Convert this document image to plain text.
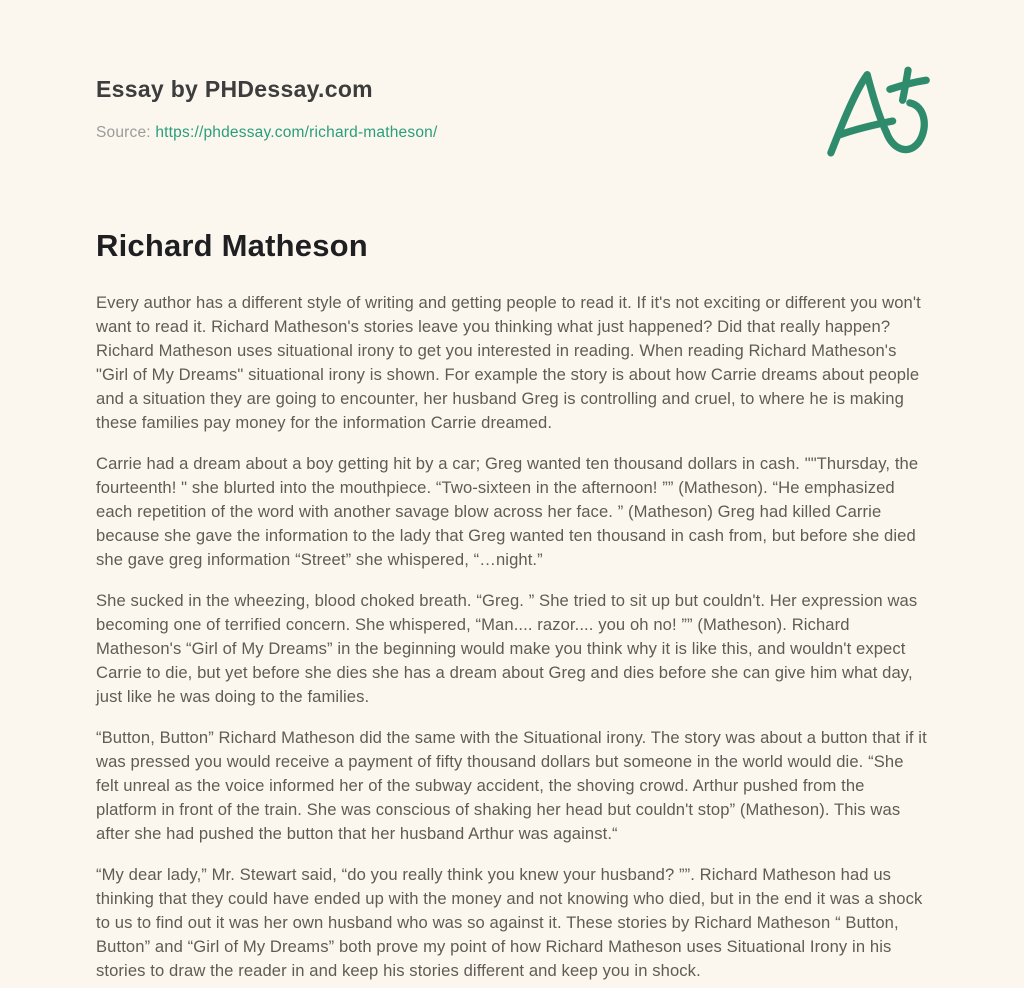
Essay by PHDessay.com
Source: https://phdessay.com/richard-matheson/
Richard Matheson

Every author has a different style of writing and getting people to read it. If it's not exciting or different you won't want to read it. Richard Matheson's stories leave you thinking what just happened? Did that really happen? Richard Matheson uses situational irony to get you interested in reading. When reading Richard Matheson's "Girl of My Dreams" situational irony is shown. For example the story is about how Carrie dreams about people and a situation they are going to encounter, her husband Greg is controlling and cruel, to where he is making these families pay money for the information Carrie dreamed.

Carrie had a dream about a boy getting hit by a car; Greg wanted ten thousand dollars in cash. ""Thursday, the fourteenth! " she blurted into the mouthpiece. “Two-sixteen in the afternoon! ”” (Matheson). “He emphasized each repetition of the word with another savage blow across her face. ” (Matheson) Greg had killed Carrie because she gave the information to the lady that Greg wanted ten thousand in cash from, but before she died she gave greg information “Street” she whispered, “…night.”

She sucked in the wheezing, blood choked breath. “Greg. ” She tried to sit up but couldn't. Her expression was becoming one of terrified concern. She whispered, “Man.... razor.... you oh no! ”” (Matheson). Richard Matheson's “Girl of My Dreams” in the beginning would make you think why it is like this, and wouldn't expect Carrie to die, but yet before she dies she has a dream about Greg and dies before she can give him what day, just like he was doing to the families.

“Button, Button” Richard Matheson did the same with the Situational irony. The story was about a button that if it was pressed you would receive a payment of fifty thousand dollars but someone in the world would die. “She felt unreal as the voice informed her of the subway accident, the shoving crowd. Arthur pushed from the platform in front of the train. She was conscious of shaking her head but couldn't stop” (Matheson). This was after she had pushed the button that her husband Arthur was against.“

“My dear lady,” Mr. Stewart said, “do you really think you knew your husband? ””. Richard Matheson had us thinking that they could have ended up with the money and not knowing who died, but in the end it was a shock to us to find out it was her own husband who was so against it. These stories by Richard Matheson “ Button, Button” and “Girl of My Dreams” both prove my point of how Richard Matheson uses Situational Irony in his stories to draw the reader in and keep his stories different and keep you in shock.
